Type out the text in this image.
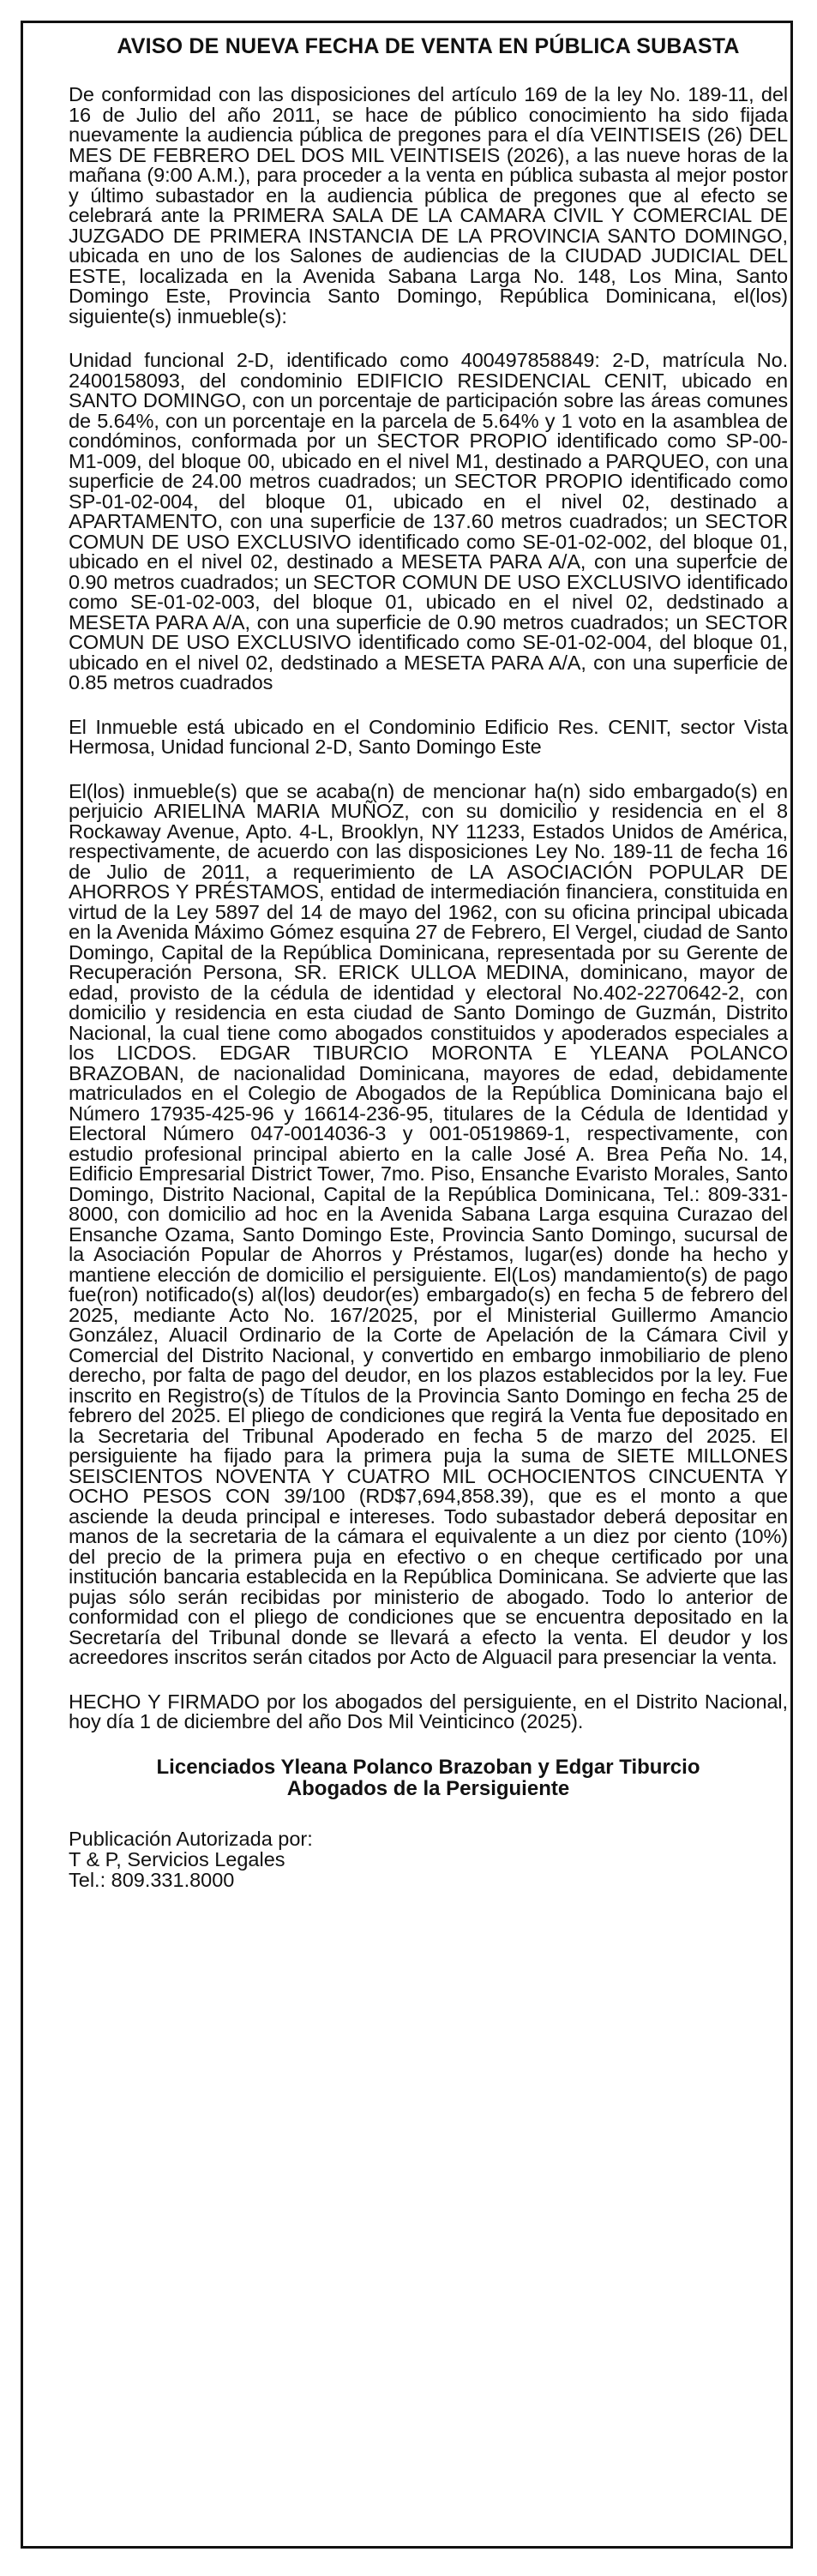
AVISO DE NUEVA FECHA DE VENTA EN PÚBLICA SUBASTA

De conformidad con las disposiciones del artículo 169 de la ley No. 189-11, del 16 de Julio del año 2011, se hace de público conocimiento ha sido fijada nuevamente la audiencia pública de pregones para el día VEINTISEIS (26) DEL MES DE FEBRERO DEL DOS MIL VEINTISEIS (2026), a las nueve horas de la mañana (9:00 A.M.), para proceder a la venta en pública subasta al mejor postor y último subastador en la audiencia pública de pregones que al efecto se celebrará ante la PRIMERA SALA DE LA CAMARA CIVIL Y COMERCIAL DE JUZGADO DE PRIMERA INSTANCIA DE LA PROVINCIA SANTO DOMINGO, ubicada en uno de los Salones de audiencias de la CIUDAD JUDICIAL DEL ESTE, localizada en la Avenida Sabana Larga No. 148, Los Mina, Santo Domingo Este, Provincia Santo Domingo, República Dominicana, el(los) siguiente(s) inmueble(s):

Unidad funcional 2-D, identificado como 400497858849: 2-D, matrícula No. 2400158093, del condominio EDIFICIO RESIDENCIAL CENIT, ubicado en SANTO DOMINGO, con un porcentaje de participación sobre las áreas comunes de 5.64%, con un porcentaje en la parcela de 5.64% y 1 voto en la asamblea de condóminos, conformada por un SECTOR PROPIO identificado como SP-00-M1-009, del bloque 00, ubicado en el nivel M1, destinado a PARQUEO, con una superficie de 24.00 metros cuadrados; un SECTOR PROPIO identificado como SP-01-02-004, del bloque 01, ubicado en el nivel 02, destinado a APARTAMENTO, con una superficie de 137.60 metros cuadrados; un SECTOR COMUN DE USO EXCLUSIVO identificado como SE-01-02-002, del bloque 01, ubicado en el nivel 02, destinado a MESETA PARA A/A, con una superfcie de 0.90 metros cuadrados; un SECTOR COMUN DE USO EXCLUSIVO identificado como SE-01-02-003, del bloque 01, ubicado en el nivel 02, dedstinado a MESETA PARA A/A, con una superficie de 0.90 metros cuadrados; un SECTOR COMUN DE USO EXCLUSIVO identificado como SE-01-02-004, del bloque 01, ubicado en el nivel 02, dedstinado a MESETA PARA A/A, con una superficie de 0.85 metros cuadrados

El Inmueble está ubicado en el Condominio Edificio Res. CENIT, sector Vista Hermosa, Unidad funcional 2-D, Santo Domingo Este

El(los) inmueble(s) que se acaba(n) de mencionar ha(n) sido embargado(s) en perjuicio ARIELINA MARIA MUÑOZ, con su domicilio y residencia en el 8 Rockaway Avenue, Apto. 4-L, Brooklyn, NY 11233, Estados Unidos de América, respectivamente, de acuerdo con las disposiciones Ley No. 189-11 de fecha 16 de Julio de 2011, a requerimiento de LA ASOCIACIÓN POPULAR DE AHORROS Y PRÉSTAMOS, entidad de intermediación financiera, constituida en virtud de la Ley 5897 del 14 de mayo del 1962, con su oficina principal ubicada en la Avenida Máximo Gómez esquina 27 de Febrero, El Vergel, ciudad de Santo Domingo, Capital de la República Dominicana, representada por su Gerente de Recuperación Persona, SR. ERICK ULLOA MEDINA, dominicano, mayor de edad, provisto de la cédula de identidad y electoral No.402-2270642-2, con domicilio y residencia en esta ciudad de Santo Domingo de Guzmán, Distrito Nacional, la cual tiene como abogados constituidos y apoderados especiales a los LICDOS. EDGAR TIBURCIO MORONTA E YLEANA POLANCO BRAZOBAN, de nacionalidad Dominicana, mayores de edad, debidamente matriculados en el Colegio de Abogados de la República Dominicana bajo el Número 17935-425-96 y 16614-236-95, titulares de la Cédula de Identidad y Electoral Número 047-0014036-3 y 001-0519869-1, respectivamente, con estudio profesional principal abierto en la calle José A. Brea Peña No. 14, Edificio Empresarial District Tower, 7mo. Piso, Ensanche Evaristo Morales, Santo Domingo, Distrito Nacional, Capital de la República Dominicana, Tel.: 809-331-8000, con domicilio ad hoc en la Avenida Sabana Larga esquina Curazao del Ensanche Ozama, Santo Domingo Este, Provincia Santo Domingo, sucursal de la Asociación Popular de Ahorros y Préstamos, lugar(es) donde ha hecho y mantiene elección de domicilio el persiguiente. El(Los) mandamiento(s) de pago fue(ron) notificado(s) al(los) deudor(es) embargado(s) en fecha 5 de febrero del 2025, mediante Acto No. 167/2025, por el Ministerial Guillermo Amancio González, Aluacil Ordinario de la Corte de Apelación de la Cámara Civil y Comercial del Distrito Nacional, y convertido en embargo inmobiliario de pleno derecho, por falta de pago del deudor, en los plazos establecidos por la ley. Fue inscrito en Registro(s) de Títulos de la Provincia Santo Domingo en fecha 25 de febrero del 2025. El pliego de condiciones que regirá la Venta fue depositado en la Secretaria del Tribunal Apoderado en fecha 5 de marzo del 2025. El persiguiente ha fijado para la primera puja la suma de SIETE MILLONES SEISCIENTOS NOVENTA Y CUATRO MIL OCHOCIENTOS CINCUENTA Y OCHO PESOS CON 39/100 (RD$7,694,858.39), que es el monto a que asciende la deuda principal e intereses. Todo subastador deberá depositar en manos de la secretaria de la cámara el equivalente a un diez por ciento (10%) del precio de la primera puja en efectivo o en cheque certificado por una institución bancaria establecida en la República Dominicana. Se advierte que las pujas sólo serán recibidas por ministerio de abogado. Todo lo anterior de conformidad con el pliego de condiciones que se encuentra depositado en la Secretaría del Tribunal donde se llevará a efecto la venta. El deudor y los acreedores inscritos serán citados por Acto de Alguacil para presenciar la venta.

HECHO Y FIRMADO por los abogados del persiguiente, en el Distrito Nacional, hoy día 1 de diciembre del año Dos Mil Veinticinco (2025).

Licenciados Yleana Polanco Brazoban y Edgar Tiburcio
Abogados de la Persiguiente
Publicación Autorizada por:
T & P, Servicios Legales
Tel.: 809.331.8000
